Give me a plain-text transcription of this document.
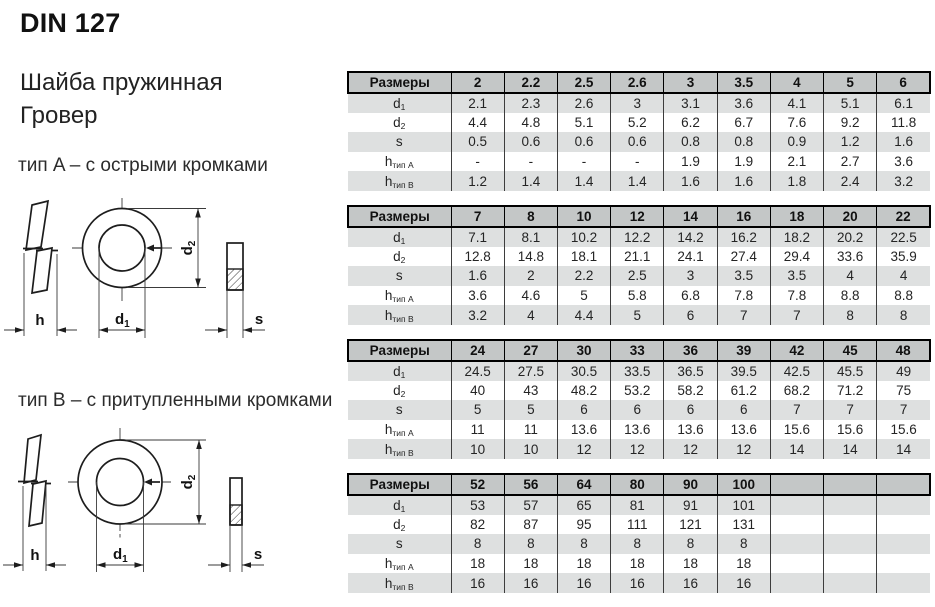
DIN 127
Шайба пружинная
Гровер
тип A – с острыми кромками
h
$d_2$
$d_1$	s
тип B – с притупленными кромками
h
$d_2$
$d_1$	s
Размеры	2	2.2	2.5	2.6	3	3.5	4	5	6
d1	2.1	2.3	2.6	3	3.1	3.6	4.1	5.1	6.1
d2	4.4	4.8	5.1	5.2	6.2	6.7	7.6	9.2	11.8
s	0.5	0.6	0.6	0.6	0.8	0.8	0.9	1.2	1.6
hтип A	-	-	-	-	1.9	1.9	2.1	2.7	3.6
hтип B	1.2	1.4	1.4	1.4	1.6	1.6	1.8	2.4	3.2
Размеры	7	8	10	12	14	16	18	20	22
d1	7.1	8.1	10.2	12.2	14.2	16.2	18.2	20.2	22.5
d2	12.8	14.8	18.1	21.1	24.1	27.4	29.4	33.6	35.9
s	1.6	2	2.2	2.5	3	3.5	3.5	4	4
hтип A	3.6	4.6	5	5.8	6.8	7.8	7.8	8.8	8.8
hтип B	3.2	4	4.4	5	6	7	7	8	8
Размеры	24	27	30	33	36	39	42	45	48
d1	24.5	27.5	30.5	33.5	36.5	39.5	42.5	45.5	49
d2	40	43	48.2	53.2	58.2	61.2	68.2	71.2	75
s	5	5	6	6	6	6	7	7	7
hтип A	11	11	13.6	13.6	13.6	13.6	15.6	15.6	15.6
hтип B	10	10	12	12	12	12	14	14	14
Размеры	52	56	64	80	90	100			
d1	53	57	65	81	91	101			
d2	82	87	95	111	121	131			
s	8	8	8	8	8	8			
hтип A	18	18	18	18	18	18			
hтип B	16	16	16	16	16	16			
